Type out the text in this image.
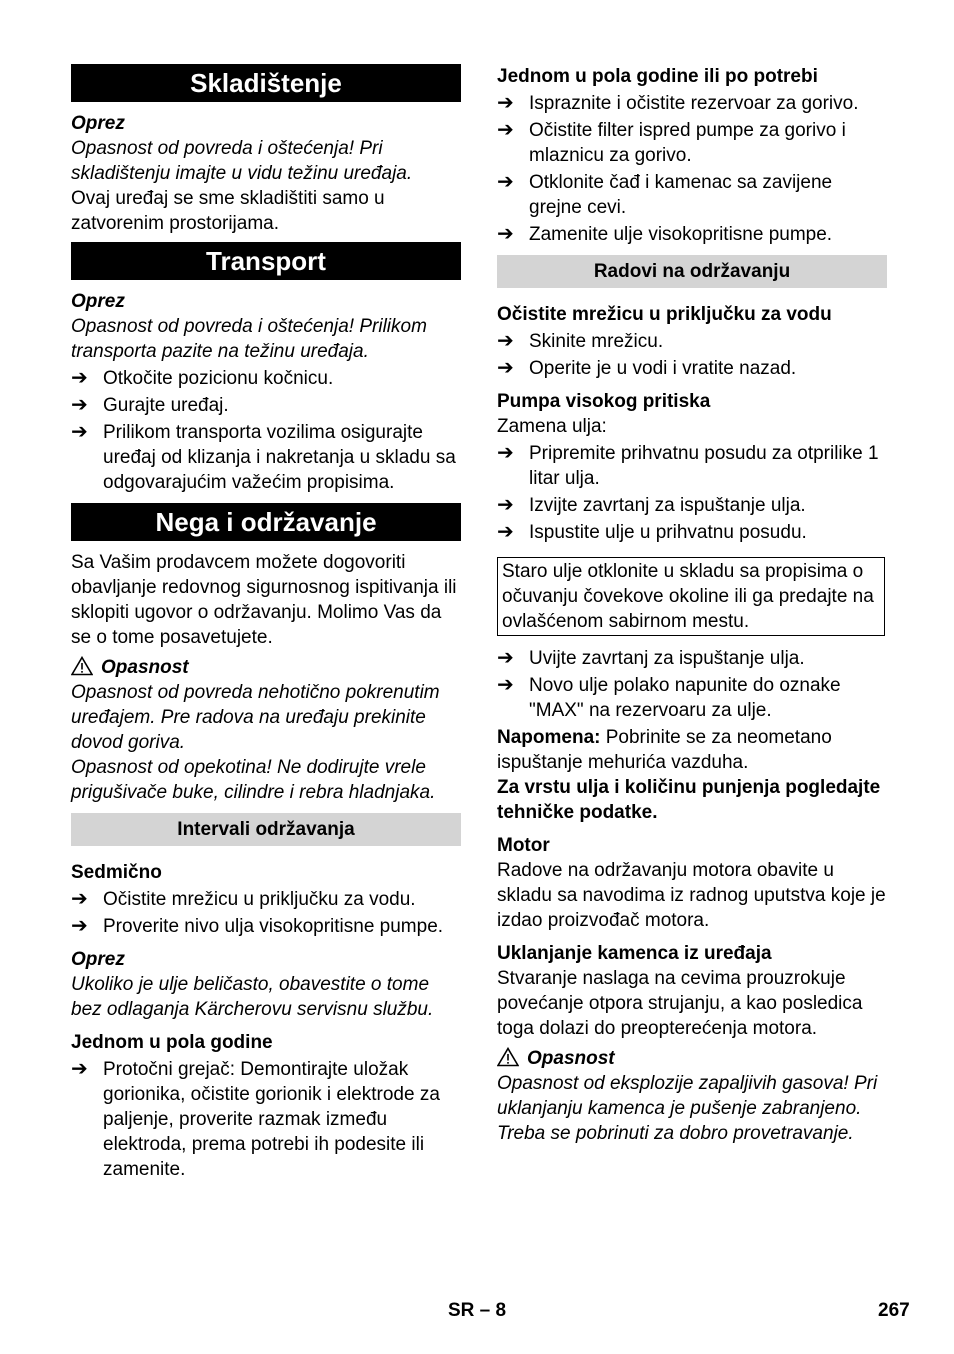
Skladištenje
Oprez

Opasnost od povreda i oštećenja! Pri skladištenju imajte u vidu težinu uređaja.

Ovaj uređaj se sme skladištiti samo u zatvorenim prostorijama.

Transport
Oprez

Opasnost od povreda i oštećenja! Prilikom transporta pazite na težinu uređaja.

➔ Otkočite pozicionu kočnicu.
➔ Gurajte uređaj.
➔ Prilikom transporta vozilima osigurajte uređaj od klizanja i nakretanja u skladu sa odgovarajućim važećim propisima.
Nega i održavanje

Sa Vašim prodavcem možete dogovoriti obavljanje redovnog sigurnosnog ispitivanja ili sklopiti ugovor o održavanju. Molimo Vas da se o tome posavetujete.

Opasnost

Opasnost od povreda nehotično pokrenutim uređajem. Pre radova na uređaju prekinite dovod goriva.

Opasnost od opekotina! Ne dodirujte vrele prigušivače buke, cilindre i rebra hladnjaka.

Intervali održavanja
Sedmično
➔ Očistite mrežicu u priključku za vodu.
➔ Proverite nivo ulja visokopritisne pumpe.
Oprez

Ukoliko je ulje beličasto, obavestite o tome bez odlaganja Kärcherovu servisnu službu.

Jednom u pola godine
➔ Protočni grejač: Demontirajte uložak gorionika, očistite gorionik i elektrode za paljenje, proverite razmak između elektroda, prema potrebi ih podesite ili zamenite.
Jednom u pola godine ili po potrebi
➔ Ispraznite i očistite rezervoar za gorivo.
➔ Očistite filter ispred pumpe za gorivo i mlaznicu za gorivo.
➔ Otklonite čađ i kamenac sa zavijene grejne cevi.
➔ Zamenite ulje visokopritisne pumpe.
Radovi na održavanju
Očistite mrežicu u priključku za vodu
➔ Skinite mrežicu.
➔ Operite je u vodi i vratite nazad.
Pumpa visokog pritiska

Zamena ulja:

➔ Pripremite prihvatnu posudu za otprilike 1 litar ulja.
➔ Izvijte zavrtanj za ispuštanje ulja.
➔ Ispustite ulje u prihvatnu posudu.
Staro ulje otklonite u skladu sa propisima o očuvanju čovekove okoline ili ga predajte na ovlašćenom sabirnom mestu.
➔ Uvijte zavrtanj za ispuštanje ulja.
➔ Novo ulje polako napunite do oznake "MAX" na rezervoaru za ulje.

Napomena: Pobrinite se za neometano ispuštanje mehurića vazduha.

Za vrstu ulja i količinu punjenja pogledajte tehničke podatke.

Motor

Radove na održavanju motora obavite u skladu sa navodima iz radnog uputstva koje je izdao proizvođač motora.

Uklanjanje kamenca iz uređaja

Stvaranje naslaga na cevima prouzrokuje povećanje otpora strujanju, a kao posledica toga dolazi do preopterećenja motora.

Opasnost

Opasnost od eksplozije zapaljivih gasova! Pri uklanjanju kamenca je pušenje zabranjeno. Treba se pobrinuti za dobro provetravanje.

SR – 8	267
